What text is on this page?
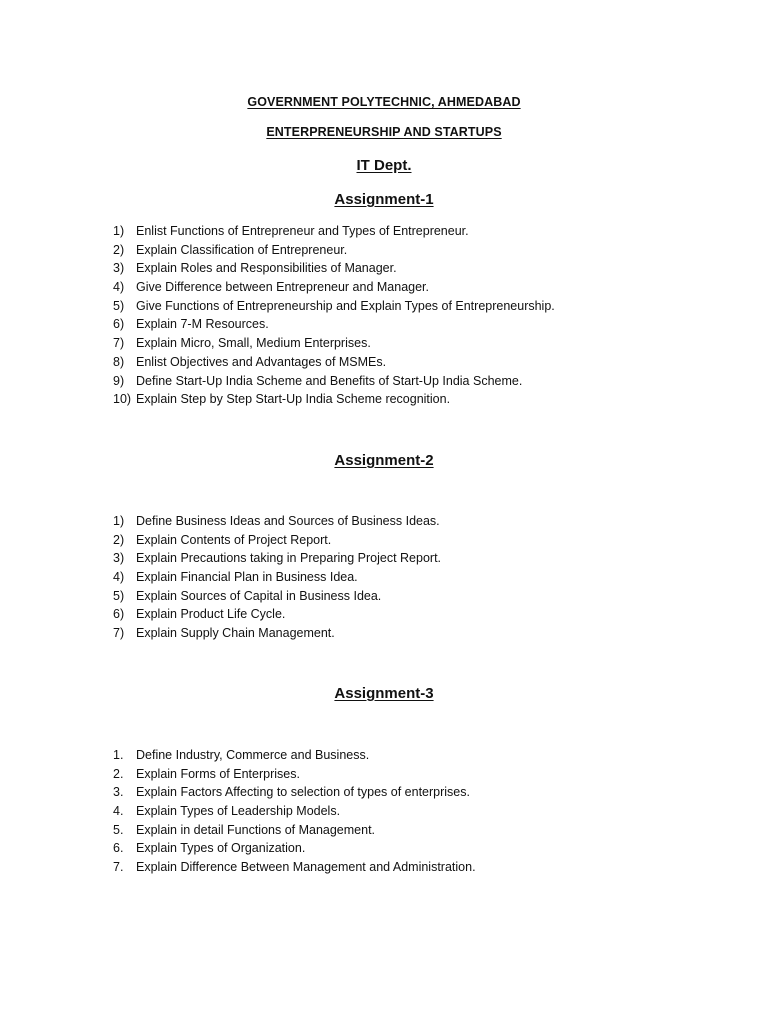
GOVERNMENT POLYTECHNIC, AHMEDABAD
ENTERPRENEURSHIP AND STARTUPS
IT Dept.
Assignment-1
1) Enlist Functions of Entrepreneur and Types of Entrepreneur.
2) Explain Classification of Entrepreneur.
3) Explain Roles and Responsibilities of Manager.
4) Give Difference between Entrepreneur and Manager.
5) Give Functions of Entrepreneurship and Explain Types of Entrepreneurship.
6) Explain 7-M Resources.
7) Explain Micro, Small, Medium Enterprises.
8) Enlist Objectives and Advantages of MSMEs.
9) Define Start-Up India Scheme and Benefits of Start-Up India Scheme.
10) Explain Step by Step Start-Up India Scheme recognition.
Assignment-2
1) Define Business Ideas and Sources of Business Ideas.
2) Explain Contents of Project Report.
3) Explain Precautions taking in Preparing Project Report.
4) Explain Financial Plan in Business Idea.
5) Explain Sources of Capital in Business Idea.
6) Explain Product Life Cycle.
7) Explain Supply Chain Management.
Assignment-3
1. Define Industry, Commerce and Business.
2. Explain Forms of Enterprises.
3. Explain Factors Affecting to selection of types of enterprises.
4. Explain Types of Leadership Models.
5. Explain in detail Functions of Management.
6. Explain Types of Organization.
7. Explain Difference Between Management and Administration.
